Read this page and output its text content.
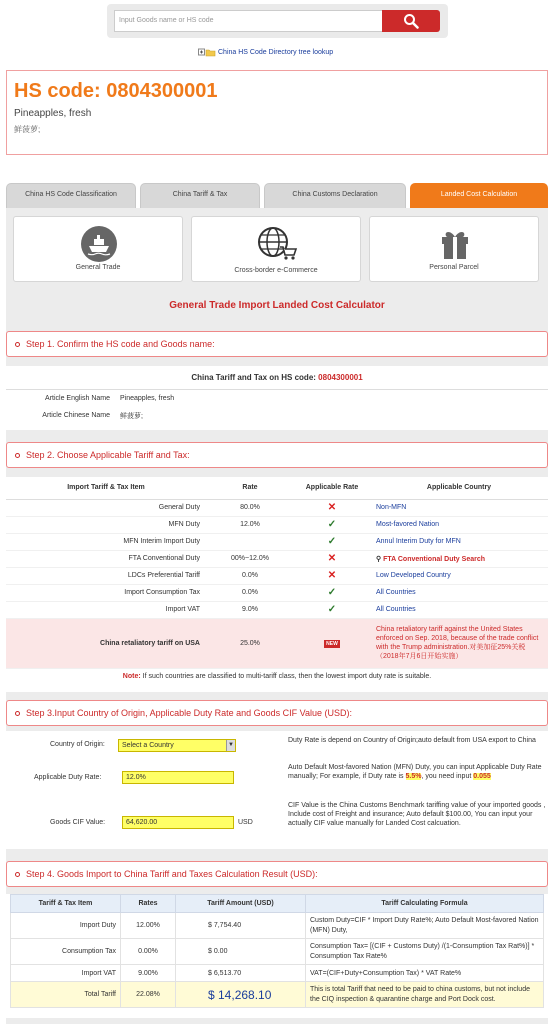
Input Goods name or HS code
China HS Code Directory tree lookup
HS code: 0804300001
Pineapples, fresh
鲜菠萝;
China HS Code Classification	China Tariff & Tax	China Customs Declaration	Landed Cost Calculation
General Trade	Cross-border e-Commerce	Personal Parcel
General Trade Import Landed Cost Calculator
Step 1. Confirm the HS code and Goods name:
China Tariff and Tax on HS code: 0804300001
Article English Name	Pineapples, fresh
Article Chinese Name	鲜菠萝;
Step 2. Choose Applicable Tariff and Tax:
Import Tariff & Tax Item	Rate	Applicable Rate	Applicable Country
General Duty	80.0%	✕	Non-MFN
MFN Duty	12.0%	✓	Most-favored Nation
MFN Interim Import Duty		✓	Annul Interim Duty for MFN
FTA Conventional Duty	00%~12.0%	✕	⚲ FTA Conventional Duty Search
LDCs Preferential Tariff	0.0%	✕	Low Developed Country
Import Consumption Tax	0.0%	✓	All Countries
Import VAT	9.0%	✓	All Countries
China retaliatory tariff on USA	25.0%	NEW	China retaliatory tariff against the United States enforced on Sep. 2018, because of the trade conflict with the Trump administration.对美加征25%关税（2018年7月6日开始实施）
Note: If such countries are classified to multi-tariff class, then the lowest import duty rate is suitable.
Step 3.Input Country of Origin, Applicable Duty Rate and Goods CIF Value (USD):
Country of Origin: Select a Country	▼
Duty Rate is depend on Country of Origin;auto default from USA export to China
Applicable Duty Rate:	12.0%
Auto Default Most-favored Nation (MFN) Duty, you can input Applicable Duty Rate manually; For example, if Duty rate is 5.5%, you need input 0.055
Goods CIF Value:	64,620.00	USD
CIF Value is the China Customs Benchmark tariffing value of your imported goods , Include cost of Freight and insurance; Auto default $100.00, You can input your actually CIF value manually for Landed Cost calcuation.
Step 4. Goods Import to China Tariff and Taxes Calculation Result (USD):
Tariff & Tax Item	Rates	Tariff Amount (USD)	Tariff Calculating Formula
Import Duty	12.00%	$ 7,754.40	Custom Duty=CIF * Import Duty Rate%; Auto Default Most-favored Nation (MFN) Duty,
Consumption Tax	0.00%	$ 0.00	Consumption Tax= [(CIF + Customs Duty) /(1-Consumption Tax Rat%)] * Consumption Tax Rate%
Import VAT	9.00%	$ 6,513.70	VAT=(CIF+Duty+Consumption Tax) * VAT Rate%
Total Tariff	22.08%	$ 14,268.10	This is total Tariff that need to be paid to china customs, but not include the CIQ inspection & quarantine charge and Port Dock cost.
